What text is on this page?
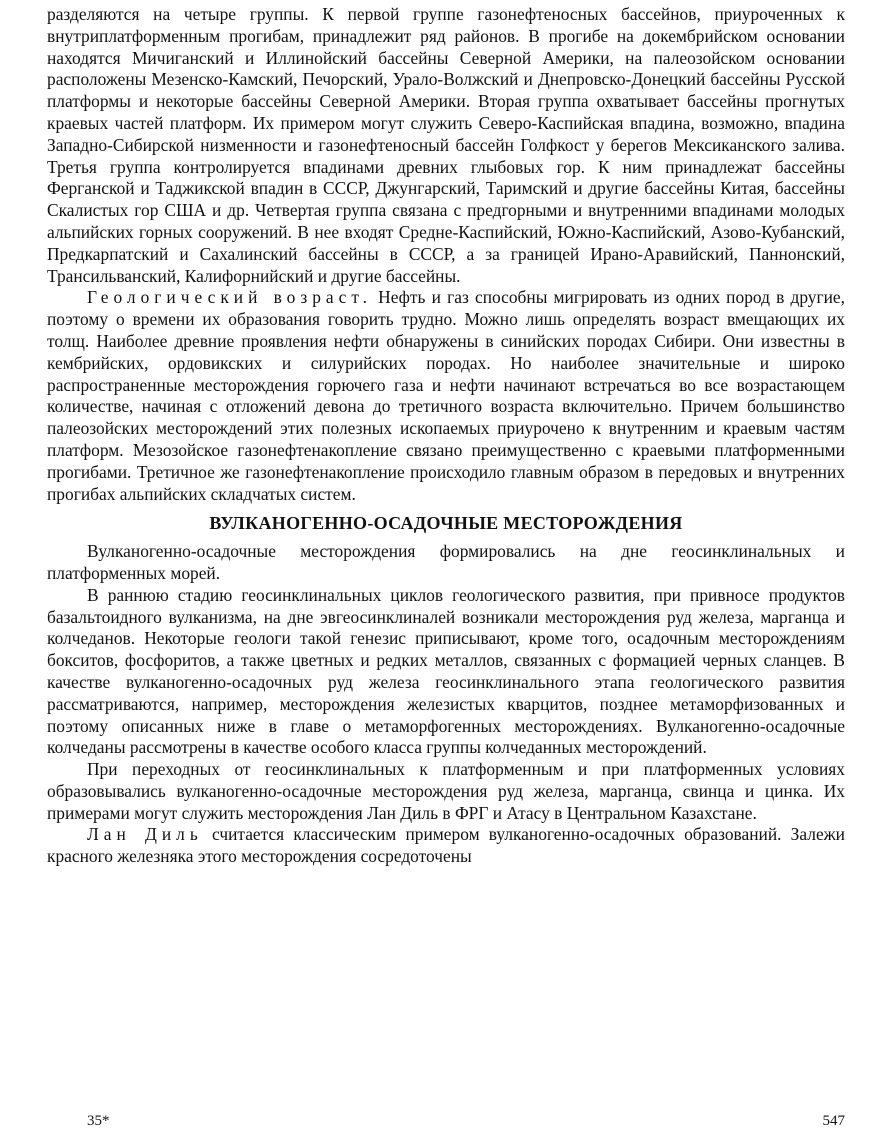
разделяются на четыре группы. К первой группе газонефтеносных бассейнов, приуроченных к внутриплатформенным прогибам, принадлежит ряд районов. В прогибе на докембрийском основании находятся Мичиганский и Иллинойский бассейны Северной Америки, на палеозойском основании расположены Мезенско-Камский, Печорский, Урало-Волжский и Днепровско-Донецкий бассейны Русской платформы и некоторые бассейны Северной Америки. Вторая группа охватывает бассейны прогнутых краевых частей платформ. Их примером могут служить Северо-Каспийская впадина, возможно, впадина Западно-Сибирской низменности и газонефтеносный бассейн Голфкост у берегов Мексиканского залива. Третья группа контролируется впадинами древних глыбовых гор. К ним принадлежат бассейны Ферганской и Таджикской впадин в СССР, Джунгарский, Таримский и другие бассейны Китая, бассейны Скалистых гор США и др. Четвертая группа связана с предгорными и внутренними впадинами молодых альпийских горных сооружений. В нее входят Средне-Каспийский, Южно-Каспийский, Азово-Кубанский, Предкарпатский и Сахалинский бассейны в СССР, а за границей Ирано-Аравийский, Паннонский, Трансильванский, Калифорнийский и другие бассейны.

Геологический возраст. Нефть и газ способны мигрировать из одних пород в другие, поэтому о времени их образования говорить трудно. Можно лишь определять возраст вмещающих их толщ. Наиболее древние проявления нефти обнаружены в синийских породах Сибири. Они известны в кембрийских, ордовикских и силурийских породах. Но наиболее значительные и широко распространенные месторождения горючего газа и нефти начинают встречаться во все возрастающем количестве, начиная с отложений девона до третичного возраста включительно. Причем большинство палеозойских месторождений этих полезных ископаемых приурочено к внутренним и краевым частям платформ. Мезозойское газонефтенакопление связано преимущественно с краевыми платформенными прогибами. Третичное же газонефтенакопление происходило главным образом в передовых и внутренних прогибах альпийских складчатых систем.

ВУЛКАНОГЕННО-ОСАДОЧНЫЕ МЕСТОРОЖДЕНИЯ

Вулканогенно-осадочные месторождения формировались на дне геосинклинальных и платформенных морей.

В раннюю стадию геосинклинальных циклов геологического развития, при привносе продуктов базальтоидного вулканизма, на дне эвгеосинклиналей возникали месторождения руд железа, марганца и колчеданов. Некоторые геологи такой генезис приписывают, кроме того, осадочным месторождениям бокситов, фосфоритов, а также цветных и редких металлов, связанных с формацией черных сланцев. В качестве вулканогенно-осадочных руд железа геосинклинального этапа геологического развития рассматриваются, например, месторождения железистых кварцитов, позднее метаморфизованных и поэтому описанных ниже в главе о метаморфогенных месторождениях. Вулканогенно-осадочные колчеданы рассмотрены в качестве особого класса группы колчеданных месторождений.

При переходных от геосинклинальных к платформенным и при платформенных условиях образовывались вулканогенно-осадочные месторождения руд железа, марганца, свинца и цинка. Их примерами могут служить месторождения Лан Диль в ФРГ и Атасу в Центральном Казахстане.

Лан Диль считается классическим примером вулканогенно-осадочных образований. Залежи красного железняка этого месторождения сосредоточены

35*	547
